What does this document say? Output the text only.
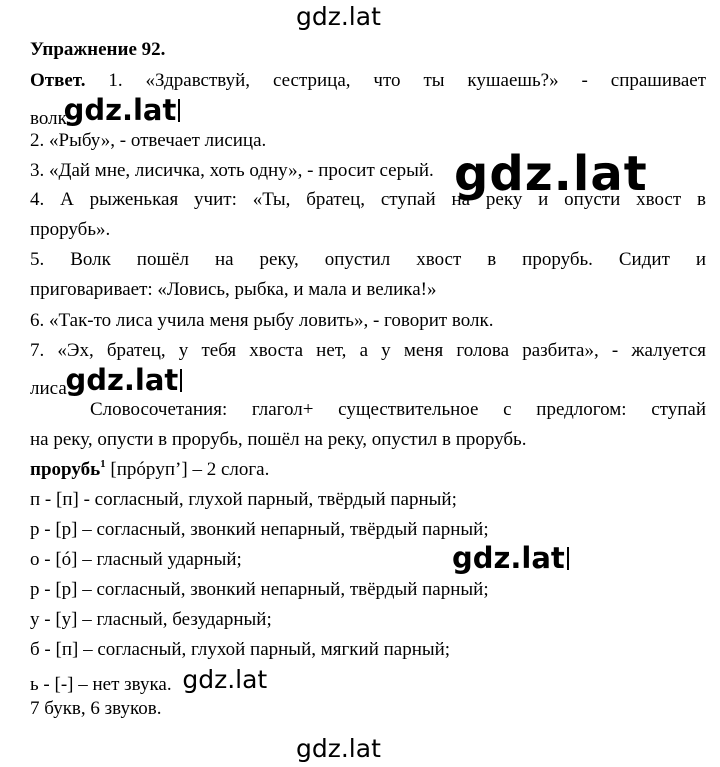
gdz.lat
Упражнение 92.
Ответ. 1. «Здравствуй, сестрица, что ты кушаешь?» - спрашивает
волк.gdz.lat
2. «Рыбу», - отвечает лисица.
3. «Дай мне, лисичка, хоть одну», - просит серый. gdz.lat
4. А рыженькая учит: «Ты, братец, ступай на реку и опусти хвост в
прорубь».
5. Волк пошёл на реку, опустил хвост в прорубь. Сидит и
приговаривает: «Ловись, рыбка, и мала и велика!»
6. «Так-то лиса учила меня рыбу ловить», - говорит волк.
7. «Эх, братец, у тебя хвоста нет, а у меня голова разбита», - жалуется
лиса.gdz.lat
Словосочетания: глагол+ существительное с предлогом: ступай
на реку, опусти в прорубь, пошёл на реку, опустил в прорубь.
прорубь$^1$ [пpópуп’] – 2 слога.
п - [п] - согласный, глухой парный, твёрдый парный;
р - [р] – согласный, звонкий непарный, твёрдый парный;
о - [ó] – гласный ударный;	gdz.lat
р - [р] – согласный, звонкий непарный, твёрдый парный;
у - [у] – гласный, безударный;
б - [п] – согласный, глухой парный, мягкий парный;
ь - [-] – нет звука. gdz.lat
7 букв, 6 звуков.
gdz.lat
